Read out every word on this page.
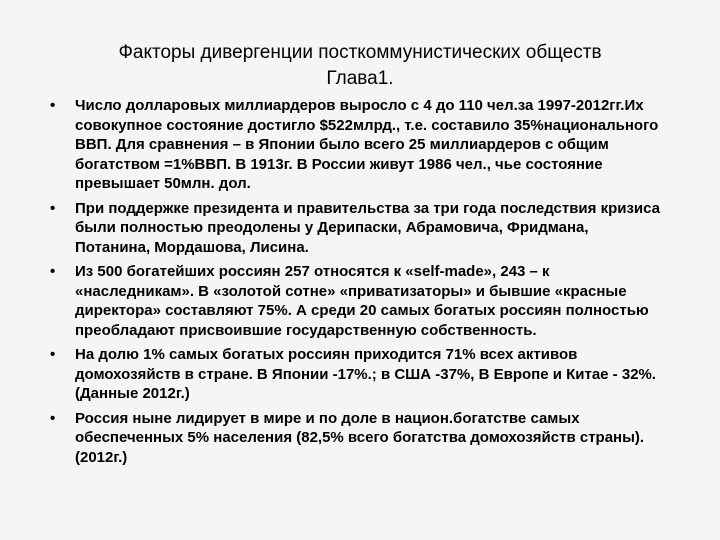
Факторы дивергенции посткоммунистических обществ
Глава1.
• Число долларовых миллиардеров выросло с 4 до 110 чел.за 1997-2012гг.Их совокупное состояние достигло $522млрд., т.е. составило 35%национального ВВП. Для сравнения – в Японии было всего 25 миллиардеров с общим богатством =1%ВВП. В 1913г. В России живут 1986 чел., чье состояние превышает 50млн. дол.
• При поддержке президента и правительства за три года последствия кризиса были полностью преодолены у Дерипаски, Абрамовича, Фридмана, Потанина, Мордашова, Лисина.
• Из 500 богатейших россиян 257 относятся к «self-made», 243 – к «наследникам». В «золотой сотне» «приватизаторы» и бывшие «красные директора» составляют 75%. А среди 20 самых богатых россиян полностью преобладают присвоившие государственную собственность.
• На долю 1% самых богатых россиян приходится 71% всех активов домохозяйств в стране. В Японии -17%.; в США -37%, В Европе и Китае - 32%. (Данные 2012г.)
• Россия ныне лидирует в мире и по доле в национ.богатстве самых обеспеченных 5% населения (82,5% всего богатства домохозяйств страны). (2012г.)
